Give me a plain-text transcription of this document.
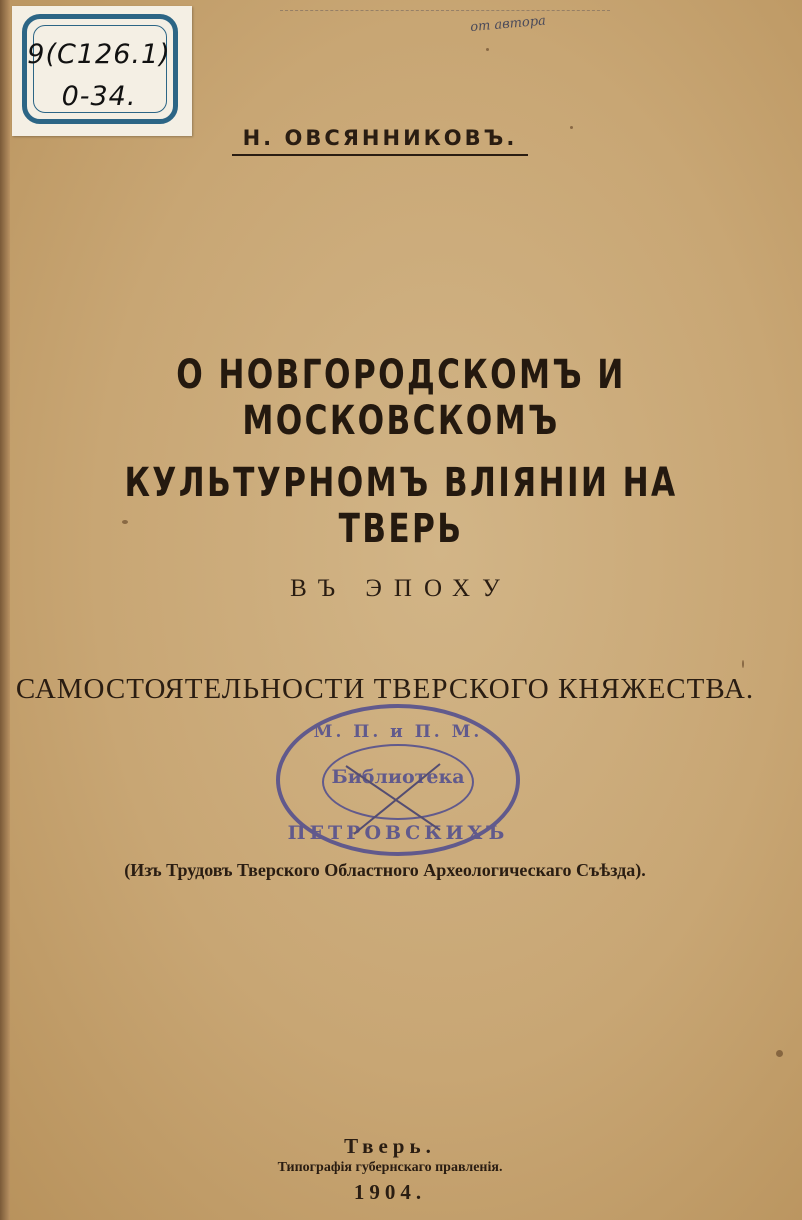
9(С126.1)
0-34.
от автора
Н. ОВСЯННИКОВЪ.
О НОВГОРОДСКОМЪ И МОСКОВСКОМЪ
КУЛЬТУРНОМЪ ВЛІЯНІИ НА ТВЕРЬ
ВЪ ЭПОХУ
САМОСТОЯТЕЛЬНОСТИ ТВЕРСКОГО КНЯЖЕСТВА.
М. П. и П. М.
Библиотека
ПЕТРОВСКИХЪ
(Изъ Трудовъ Тверского Областного Археологическаго Съѣзда).
Тверь.
Типографія губернскаго правленія.
1904.
